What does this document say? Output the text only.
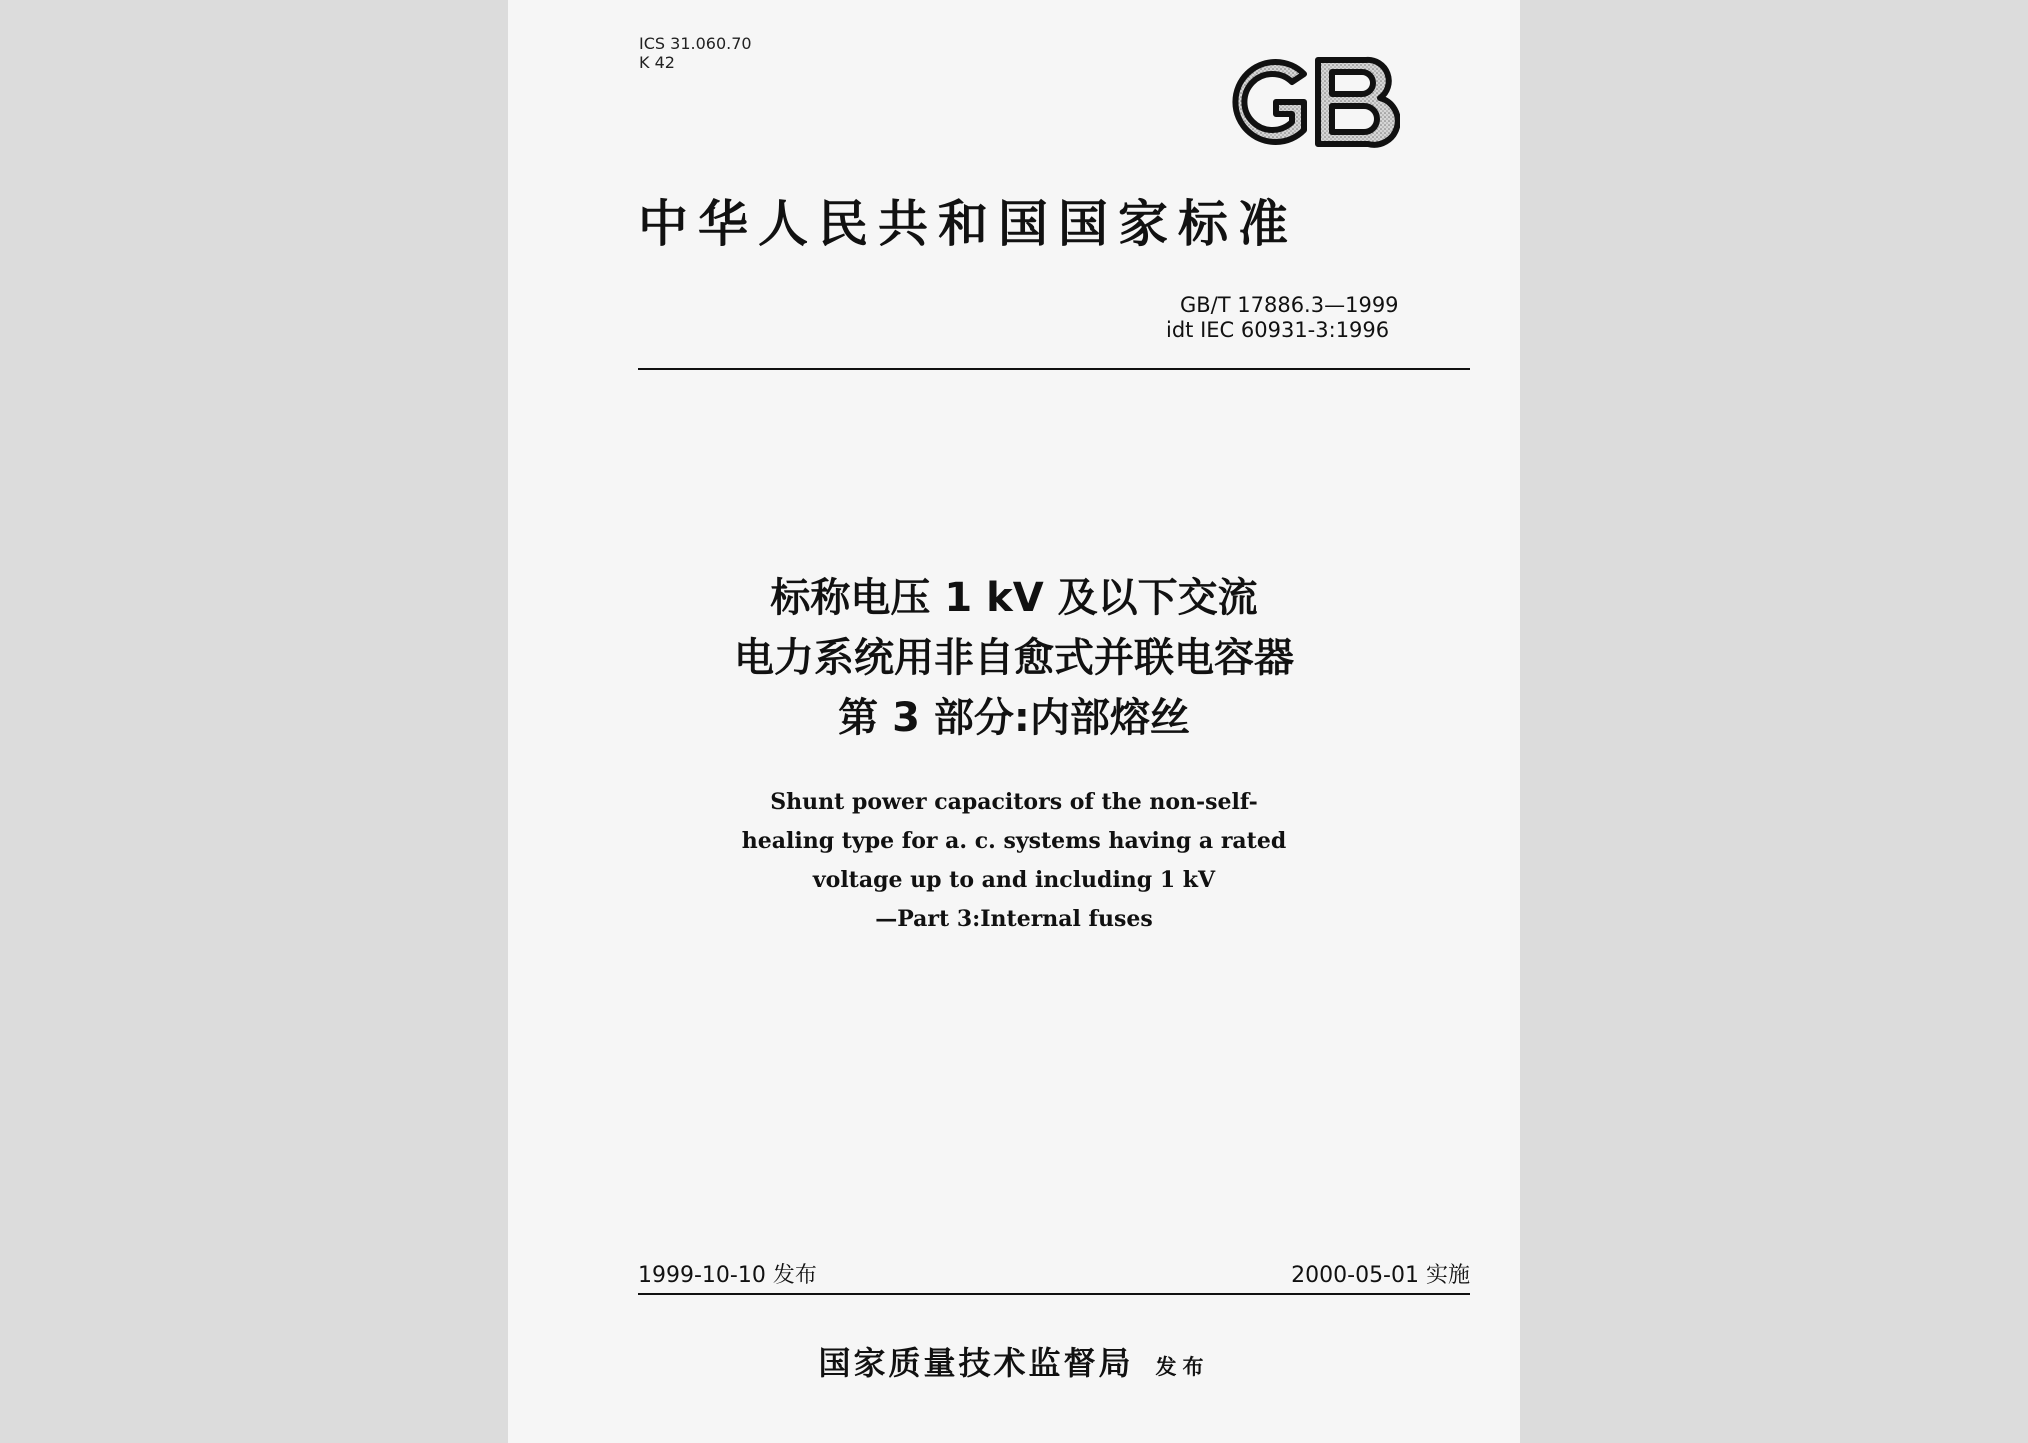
ICS 31.060.70
K 42
中华人民共和国国家标准
GB/T 17886.3—1999
idt IEC 60931-3:1996
标称电压 1 kV 及以下交流
电力系统用非自愈式并联电容器
第 3 部分:内部熔丝
Shunt power capacitors of the non-self-
healing type for a. c. systems having a rated
voltage up to and including 1 kV
—Part 3:Internal fuses
1999-10-10 发布	2000-05-01 实施
国家质量技术监督局 发布
